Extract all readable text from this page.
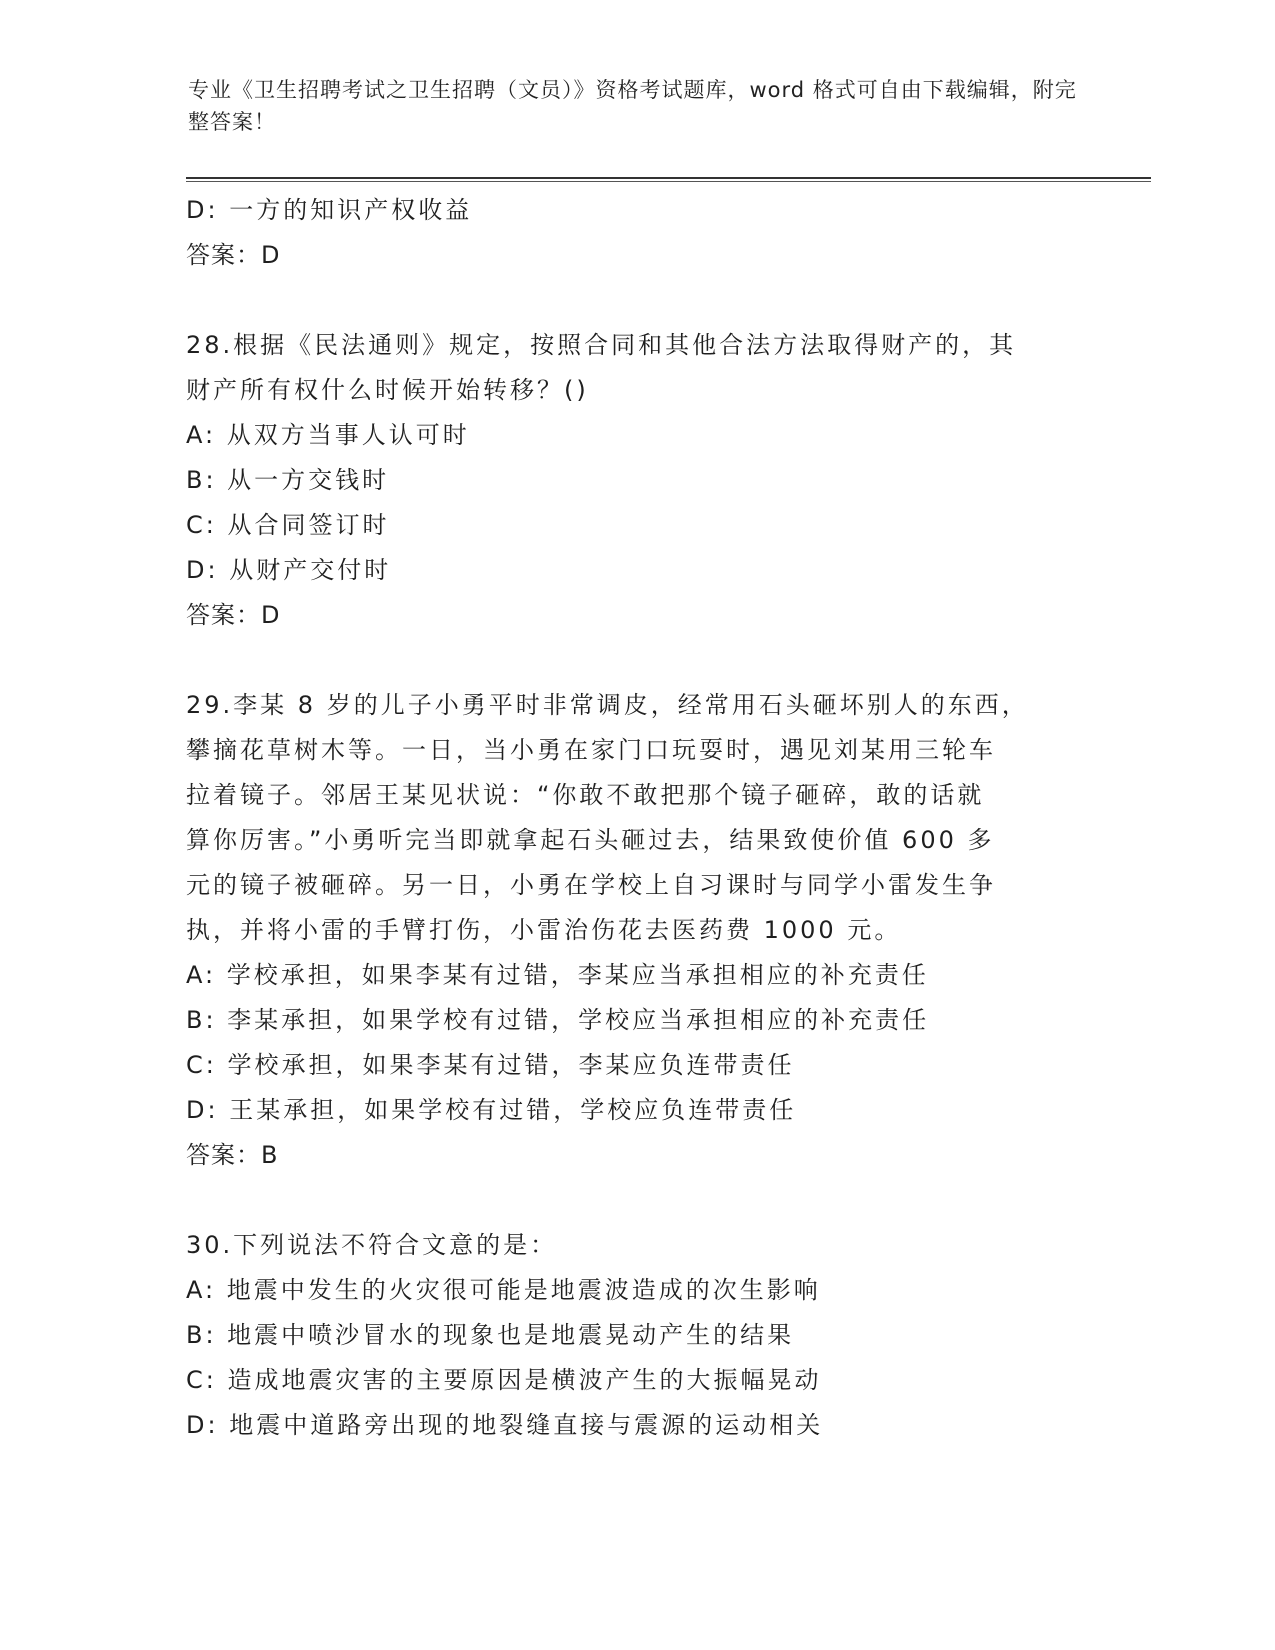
专业《卫生招聘考试之卫生招聘（文员）》资格考试题库，word 格式可自由下载编辑，附完整答案！
D: 一方的知识产权收益
答案：D
28.根据《民法通则》规定，按照合同和其他合法方法取得财产的，其
财产所有权什么时候开始转移？()
A: 从双方当事人认可时
B: 从一方交钱时
C: 从合同签订时
D: 从财产交付时
答案：D
29.李某 8 岁的儿子小勇平时非常调皮，经常用石头砸坏别人的东西，
攀摘花草树木等。一日，当小勇在家门口玩耍时，遇见刘某用三轮车
拉着镜子。邻居王某见状说：“你敢不敢把那个镜子砸碎，敢的话就
算你厉害。”小勇听完当即就拿起石头砸过去，结果致使价值 600 多
元的镜子被砸碎。另一日，小勇在学校上自习课时与同学小雷发生争
执，并将小雷的手臂打伤，小雷治伤花去医药费 1000 元。
A: 学校承担，如果李某有过错，李某应当承担相应的补充责任
B: 李某承担，如果学校有过错，学校应当承担相应的补充责任
C: 学校承担，如果李某有过错，李某应负连带责任
D: 王某承担，如果学校有过错，学校应负连带责任
答案：B
30.下列说法不符合文意的是：
A: 地震中发生的火灾很可能是地震波造成的次生影响
B: 地震中喷沙冒水的现象也是地震晃动产生的结果
C: 造成地震灾害的主要原因是横波产生的大振幅晃动
D: 地震中道路旁出现的地裂缝直接与震源的运动相关
